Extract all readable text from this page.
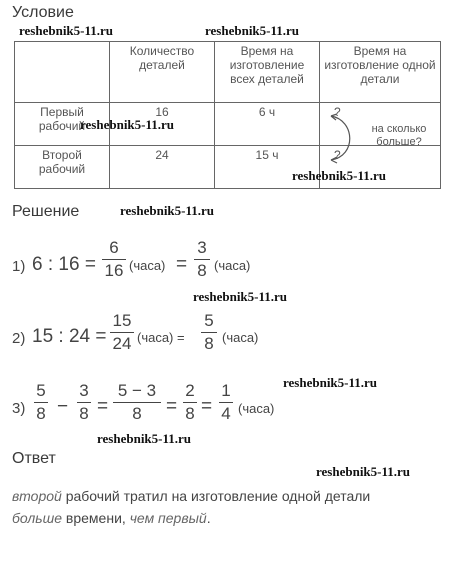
Условие
reshebnik5-11.ru	reshebnik5-11.ru
	Количество деталей	Время на изготовление всех деталей	Время на изготовление одной детали
Первый рабочий	16	6 ч	?
Второй рабочий	24	15 ч	?
на сколько больше?
reshebnik5-11.ru
reshebnik5-11.ru
Решение	reshebnik5-11.ru
1) 6 : $16 = \frac{6}{16}$ (часа) = $\frac{3}{8}$ (часа)
reshebnik5-11.ru
2) 15 : $24 = \frac{15}{24}$ (часа) = $\frac{5}{8}$ (часа)
reshebnik5-11.ru
$3) \frac{5}{8} - \frac{3}{8} = \frac{5 - 3}{8} = \frac{2}{8} = \frac{1}{4}$ (часа)
reshebnik5-11.ru
Ответ
reshebnik5-11.ru
второй рабочий тратил на изготовление одной детали
больше времени, чем первый.
